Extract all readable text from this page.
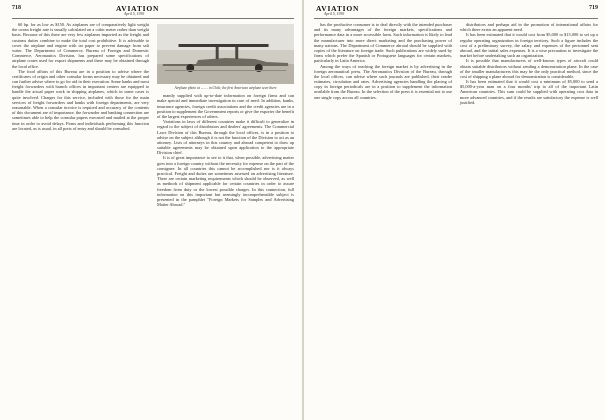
718	AVIATION
April 5, 1930

60 hp. for as low as $150. As airplanes are of comparatively light weight the ocean freight rate is usually calculated on a cubic meter rather than weight basis. Because of this there are very few airplanes imported as the freight and customs duties combine to make the total cost prohibitive. It is advisable to cover the airplane and engine with tar paper to prevent damage from salt water. The Department of Commerce, Bureau of Foreign and Domestic Commerce, Aeronautics Division, has prepared some specifications of airplane crates used for export shipments and these may be obtained through the local office.

The food affairs of this Bureau are in a position to advise where the certificates of origin and other consular forms necessary may be obtained and can further advise where to go for aid in their execution. Some banks and most freight forwarders with branch offices in important centers are equipped to handle the actual paper work in shipping airplanes, which in some cases is quite involved. Charges for this service, included with those for the main services of freight forwarders and banks with foreign departments, are very reasonable. When a consular invoice is required and accuracy of the contents of this document are of importance, the forwarder and banking connection are sometimes able to help the consular papers executed and mailed at the proper time in order to avoid delays. Firms and individuals performing this function are located, as is usual, in all ports of entry and should be consulted.

Airplane photo at ........ in Chile, the first American airplane seen there

mantly supplied with up-to-date information on foreign firms and can make special and immediate investigation in case of need. In addition, banks, insurance agencies, foreign credit associations and the credit agencies are in a position to supplement the Government reports or give the exporter the benefit of the largest experiences of others.

Variations in laws of different countries make it difficult to generalize in regard to the subject of distributors and dealers' agreements. The Commercial Laws Division of this Bureau, through the local offices, is in a position to advise on the subject although it is not the function of the Division to act as an attorney. Lists of attorneys in this country and abroad competent to draw up suitable agreements may be obtained upon application to the appropriate Division chief.

It is of great importance to see to it that, when possible, advertising matter goes into a foreign country without the necessity for expense on the part of the consignee. In all countries this cannot be accomplished nor is it always practical. Freight and duties are sometimes assessed on advertising literature. There are certain marketing requirements which should be observed, as well as methods of shipment applicable for certain countries in order to assure freedom from duty or the lowest possible charges. In this connection, full information on this important but seemingly incomprehensible subject is presented in the pamphlet "Foreign Markets for Samples and Advertising Matter Abroad."

AVIATION
April 5, 1930
719

has the productive consumer is to deal directly with the intended purchaser and its many advantages of the foreign markets, specifications and performance data in a more accessible form. Such information is likely to lead the manufacturer into more direct marketing and the purchasing power of many nations. The Department of Commerce abroad should be supplied with copies of the literature on foreign trade. Such publications are widely used by firms which prefer the Spanish or Portuguese languages for certain markets, particularly in Latin America.

Among the ways of reaching the foreign market is by advertising in the foreign aeronautical press. The Aeronautics Division of the Bureau, through the local offices, can advise where such journals are published, their reader estimates, circulation and rates. Advertising agencies handling the placing of copy in foreign periodicals are in a position to supplement the information available from the Bureau. In the selection of the press it is essential not to use one single copy across all countries.

distributors and perhaps aid in the promotion of international affairs for which there exists an apparent need.

It has been estimated that it would cost from $5,000 to $15,000 to set up a regular operating organization in foreign territory. Such a figure includes the cost of a preliminary survey, the salary and expenses of the personnel sent abroad, and the initial sales expenses. It is a wise precaution to investigate the market before undertaking such an organization.

It is possible that manufacturers of well-known types of aircraft could obtain suitable distributors without sending a demonstration plane. In the case of the smaller manufacturers this may be the only practical method, since the cost of shipping a plane abroad for demonstration is considerable.

It has been estimated that it would cost a minimum of $5,000 to send a $5,000-a-year man on a four months' trip to all of the important Latin American countries. This sum could be supplied with operating cost data in more advanced countries, and if the results are satisfactory the expense is well justified.
